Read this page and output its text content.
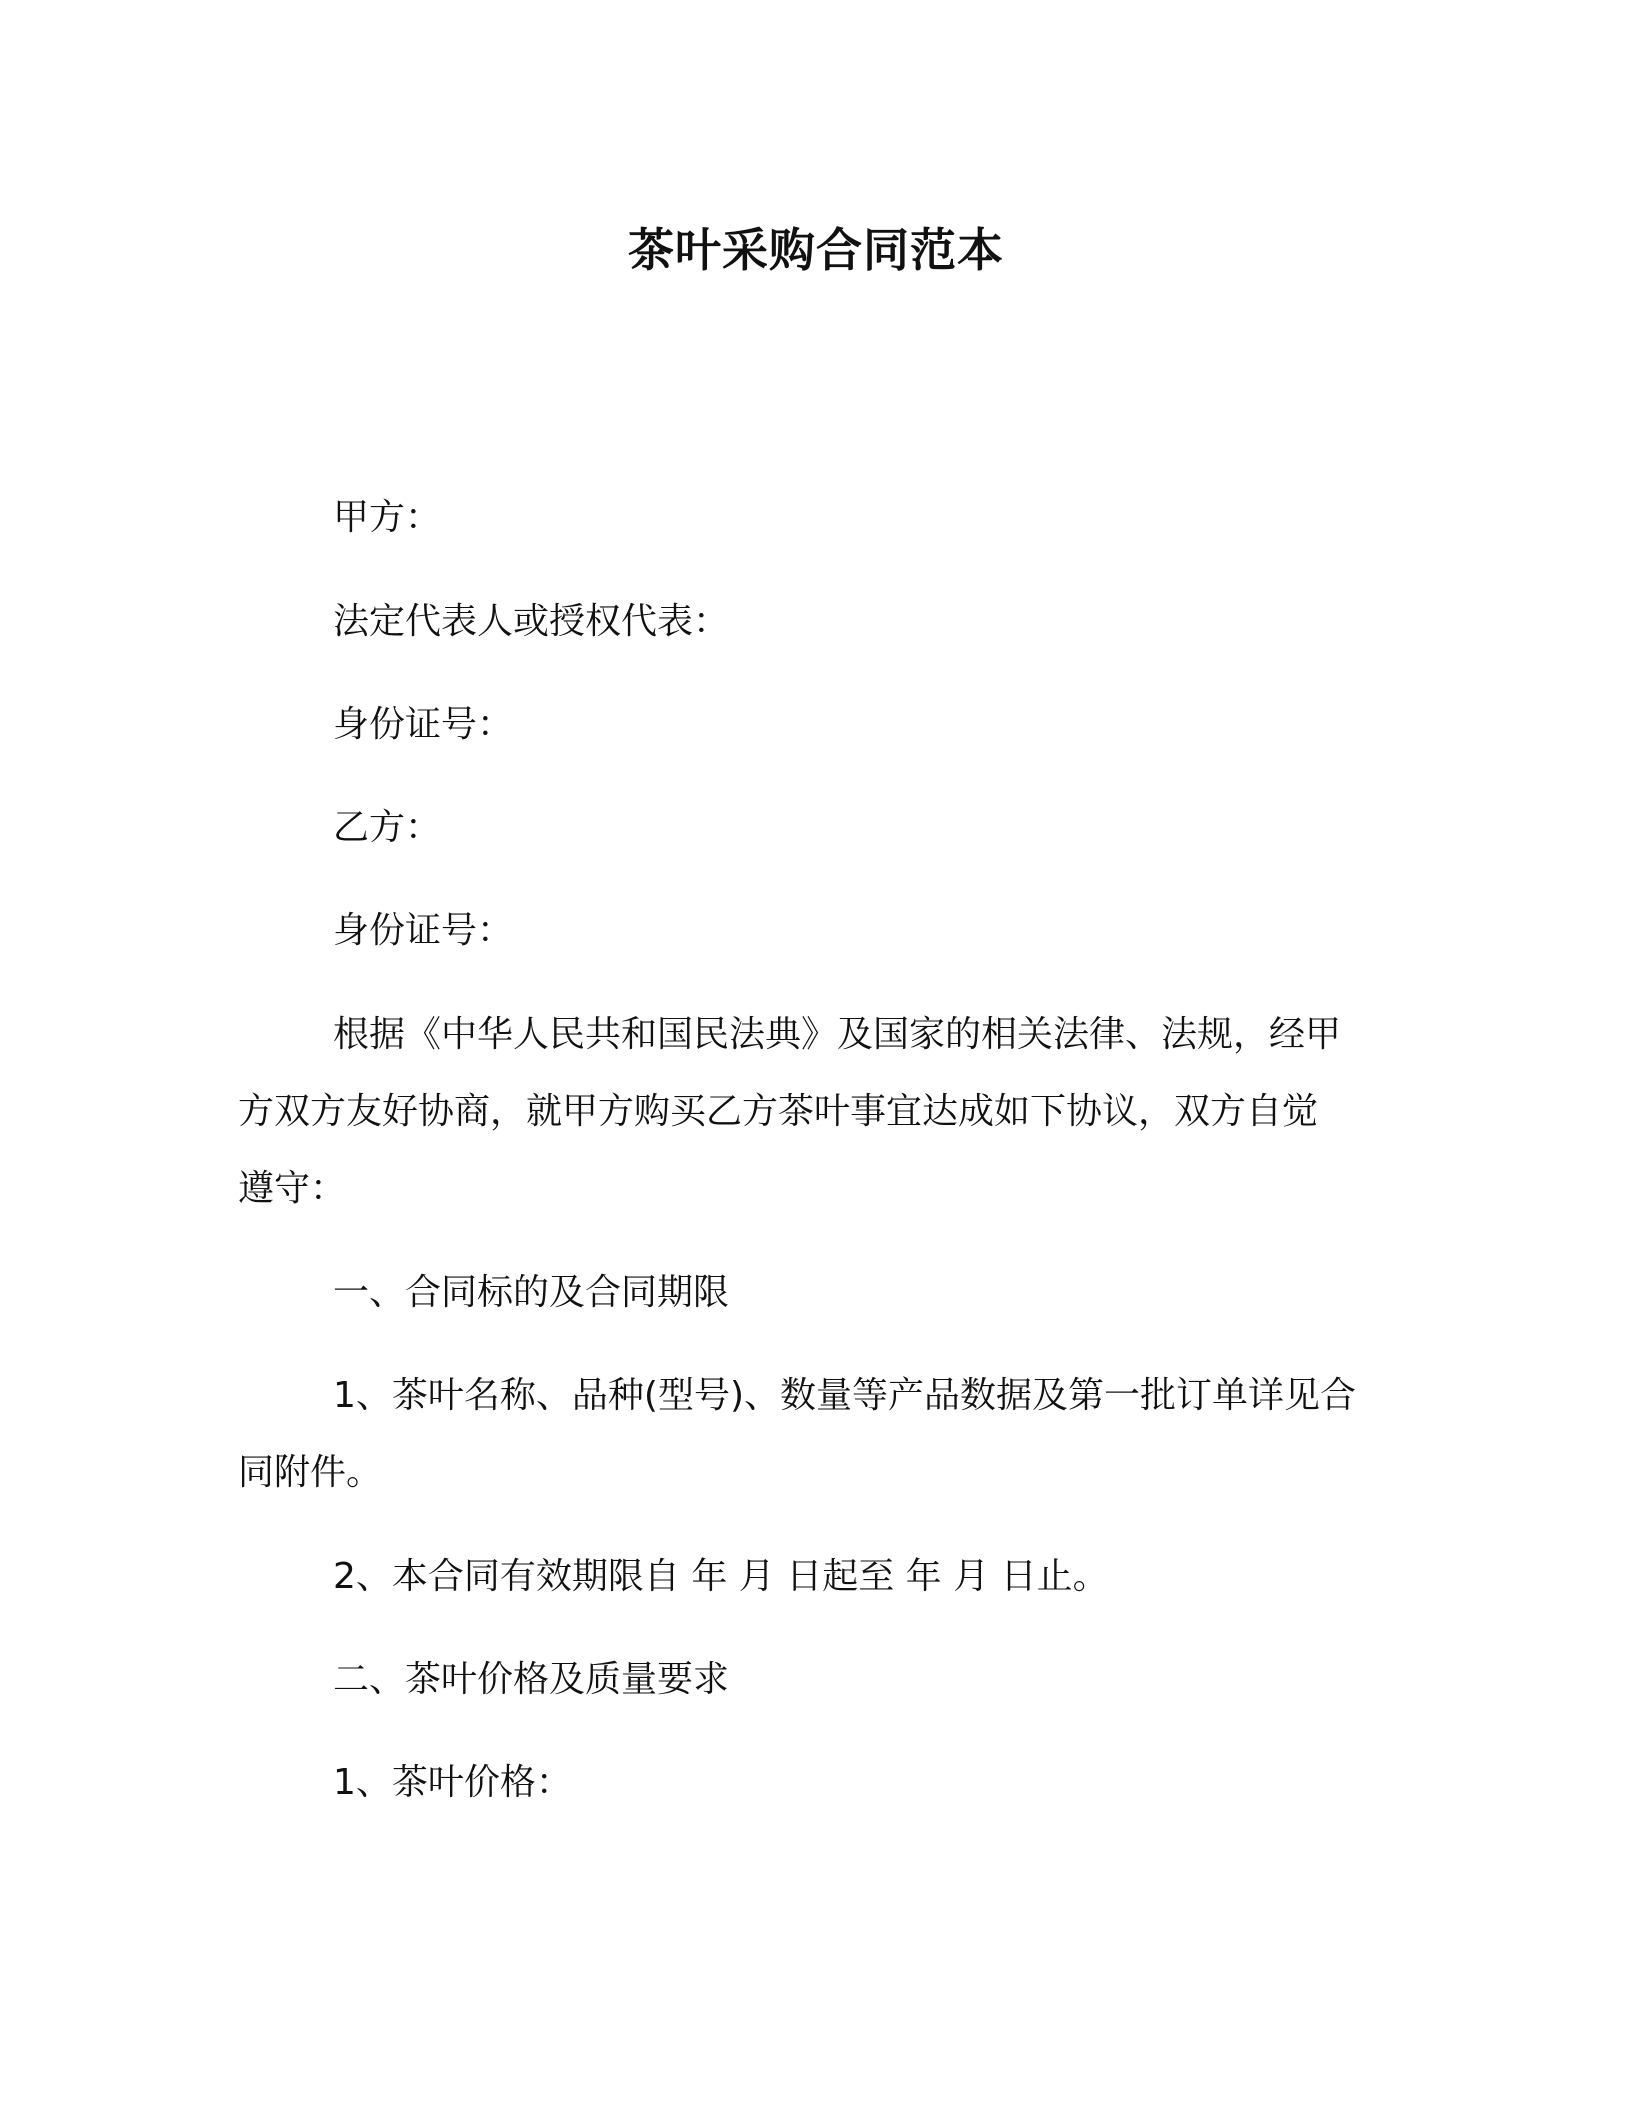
茶叶采购合同范本
甲方：
法定代表人或授权代表：
身份证号：
乙方：
身份证号：
根据《中华人民共和国民法典》及国家的相关法律、法规，经甲
方双方友好协商，就甲方购买乙方茶叶事宜达成如下协议，双方自觉
遵守：
一、合同标的及合同期限
1、茶叶名称、品种(型号)、数量等产品数据及第一批订单详见合
同附件。
2、本合同有效期限自 年 月 日起至 年 月 日止。
二、茶叶价格及质量要求
1、茶叶价格：
